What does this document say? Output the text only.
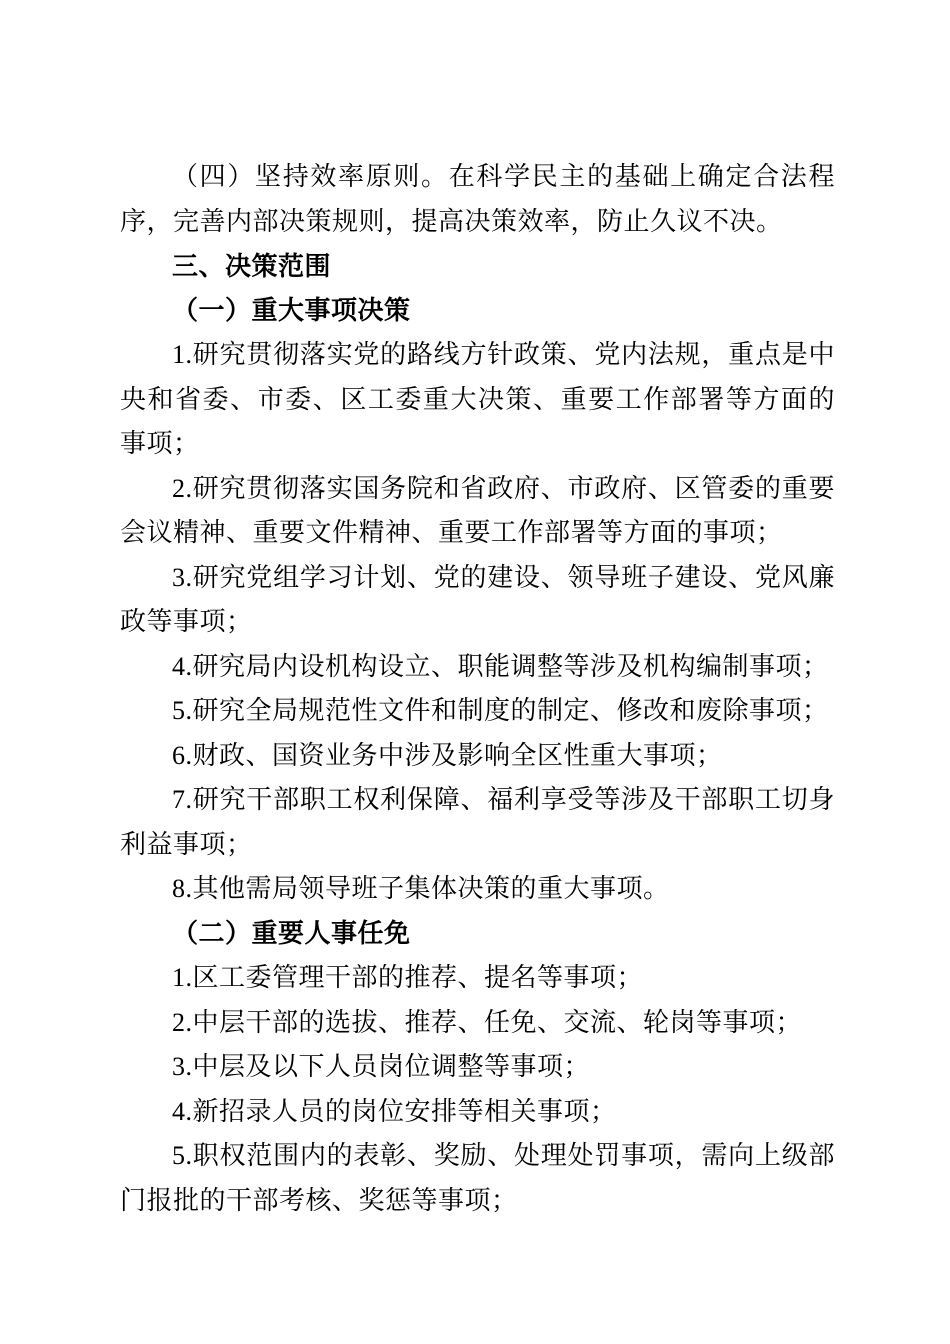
（四）坚持效率原则。在科学民主的基础上确定合法程序，完善内部决策规则，提高决策效率，防止久议不决。

三、决策范围

（一）重大事项决策

1.研究贯彻落实党的路线方针政策、党内法规，重点是中央和省委、市委、区工委重大决策、重要工作部署等方面的事项；

2.研究贯彻落实国务院和省政府、市政府、区管委的重要会议精神、重要文件精神、重要工作部署等方面的事项；

3.研究党组学习计划、党的建设、领导班子建设、党风廉政等事项；

4.研究局内设机构设立、职能调整等涉及机构编制事项；

5.研究全局规范性文件和制度的制定、修改和废除事项；

6.财政、国资业务中涉及影响全区性重大事项；

7.研究干部职工权利保障、福利享受等涉及干部职工切身利益事项；

8.其他需局领导班子集体决策的重大事项。

（二）重要人事任免

1.区工委管理干部的推荐、提名等事项；

2.中层干部的选拔、推荐、任免、交流、轮岗等事项；

3.中层及以下人员岗位调整等事项；

4.新招录人员的岗位安排等相关事项；

5.职权范围内的表彰、奖励、处理处罚事项，需向上级部门报批的干部考核、奖惩等事项；
